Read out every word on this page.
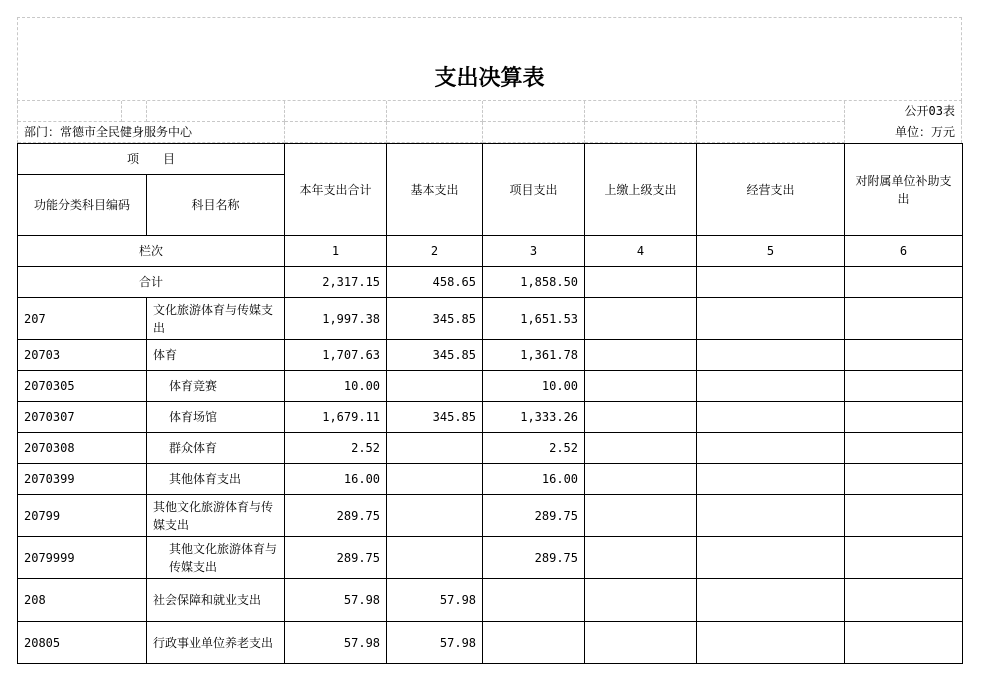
支出决算表
公开03表
部门：常德市全民健身服务中心	单位：万元
项　　目		本年支出合计	基本支出	项目支出	上缴上级支出	经营支出	对附属单位补助支出
功能分类科目编码	科目名称						
栏次		1	2	3	4	5	6
合计		2,317.15	458.65	1,858.50			
207	文化旅游体育与传媒支出	1,997.38	345.85	1,651.53			
20703	体育	1,707.63	345.85	1,361.78			
2070305	体育竞赛	10.00		10.00			
2070307	体育场馆	1,679.11	345.85	1,333.26			
2070308	群众体育	2.52		2.52			
2070399	其他体育支出	16.00		16.00			
20799	其他文化旅游体育与传媒支出	289.75		289.75			
2079999	其他文化旅游体育与传媒支出	289.75		289.75			
208	社会保障和就业支出	57.98	57.98				
20805	行政事业单位养老支出	57.98	57.98				
